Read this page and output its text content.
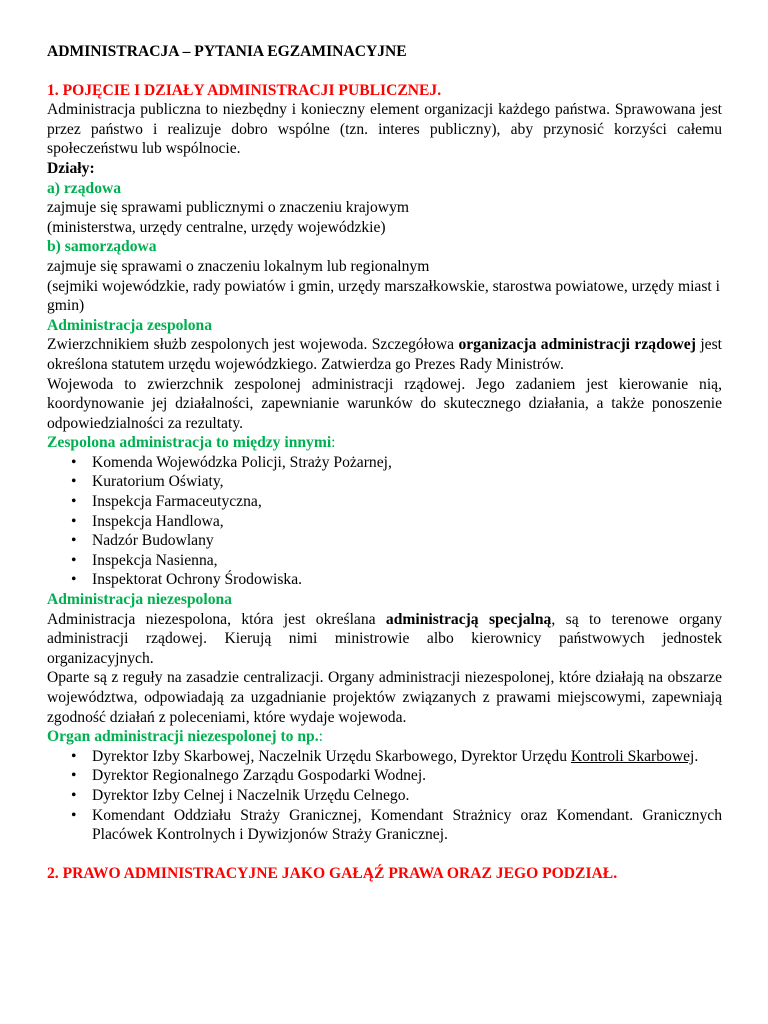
ADMINISTRACJA – PYTANIA EGZAMINACYJNE

1. POJĘCIE I DZIAŁY ADMINISTRACJI PUBLICZNEJ.

Administracja publiczna to niezbędny i konieczny element organizacji każdego państwa. Sprawowana jest przez państwo i realizuje dobro wspólne (tzn. interes publiczny), aby przynosić korzyści całemu społeczeństwu lub wspólnocie.

Działy:

a) rządowa

zajmuje się sprawami publicznymi o znaczeniu krajowym

(ministerstwa, urzędy centralne, urzędy wojewódzkie)

b) samorządowa

zajmuje się sprawami o znaczeniu lokalnym lub regionalnym

(sejmiki wojewódzkie, rady powiatów i gmin, urzędy marszałkowskie, starostwa powiatowe, urzędy miast i gmin)

Administracja zespolona

Zwierzchnikiem służb zespolonych jest wojewoda. Szczegółowa organizacja administracji rządowej jest określona statutem urzędu wojewódzkiego. Zatwierdza go Prezes Rady Ministrów.

Wojewoda to zwierzchnik zespolonej administracji rządowej. Jego zadaniem jest kierowanie nią, koordynowanie jej działalności, zapewnianie warunków do skutecznego działania, a także ponoszenie odpowiedzialności za rezultaty.

Zespolona administracja to między innymi:

• Komenda Wojewódzka Policji, Straży Pożarnej,
• Kuratorium Oświaty,
• Inspekcja Farmaceutyczna,
• Inspekcja Handlowa,
• Nadzór Budowlany
• Inspekcja Nasienna,
• Inspektorat Ochrony Środowiska.

Administracja niezespolona

Administracja niezespolona, która jest określana administracją specjalną, są to terenowe organy administracji rządowej. Kierują nimi ministrowie albo kierownicy państwowych jednostek organizacyjnych.

Oparte są z reguły na zasadzie centralizacji. Organy administracji niezespolonej, które działają na obszarze województwa, odpowiadają za uzgadnianie projektów związanych z prawami miejscowymi, zapewniają zgodność działań z poleceniami, które wydaje wojewoda.

Organ administracji niezespolonej to np.:

• Dyrektor Izby Skarbowej, Naczelnik Urzędu Skarbowego, Dyrektor Urzędu Kontroli Skarbowej.
• Dyrektor Regionalnego Zarządu Gospodarki Wodnej.
• Dyrektor Izby Celnej i Naczelnik Urzędu Celnego.
• Komendant Oddziału Straży Granicznej, Komendant Strażnicy oraz Komendant. Granicznych Placówek Kontrolnych i Dywizjonów Straży Granicznej.

2. PRAWO ADMINISTRACYJNE JAKO GAŁĄŹ PRAWA ORAZ JEGO PODZIAŁ.
